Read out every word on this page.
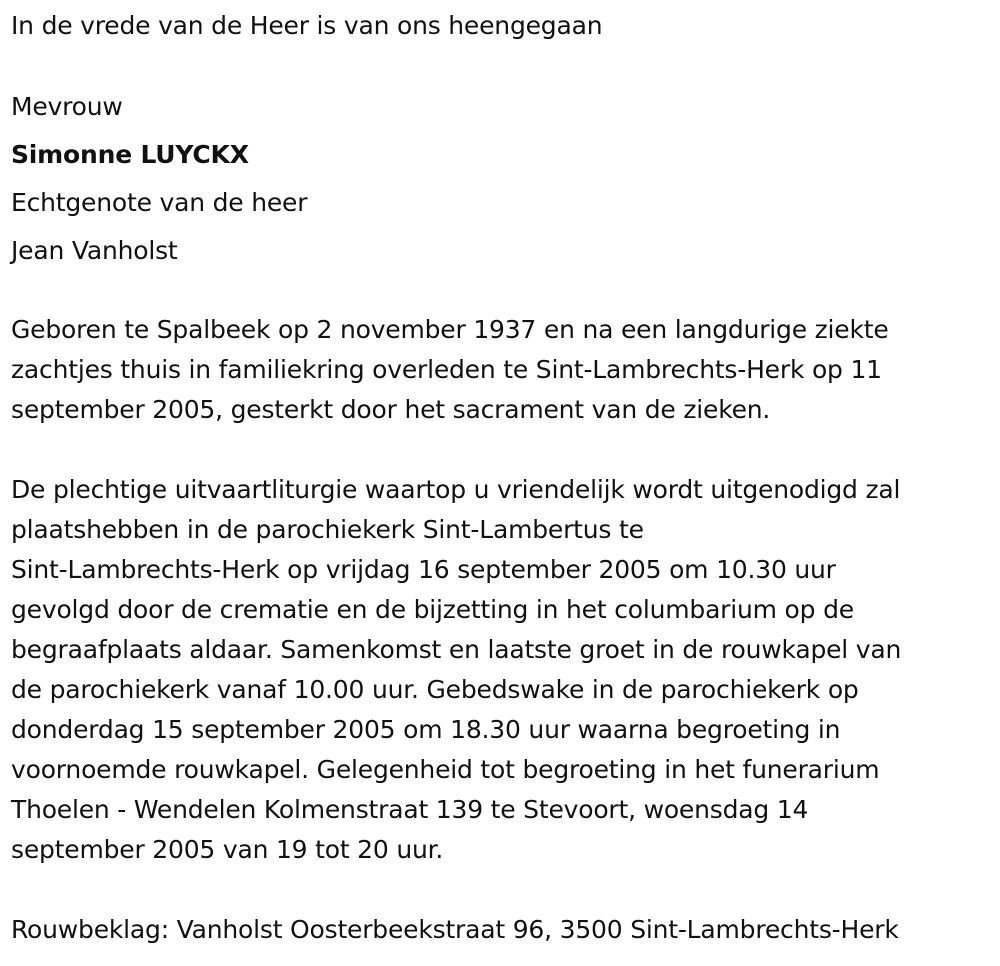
In de vrede van de Heer is van ons heengegaan
Mevrouw
Simonne LUYCKX
Echtgenote van de heer
Jean Vanholst
Geboren te Spalbeek op 2 november 1937 en na een langdurige ziekte
zachtjes thuis in familiekring overleden te Sint-Lambrechts-Herk op 11
september 2005, gesterkt door het sacrament van de zieken.
De plechtige uitvaartliturgie waartop u vriendelijk wordt uitgenodigd zal
plaatshebben in de parochiekerk Sint-Lambertus te
Sint-Lambrechts-Herk op vrijdag 16 september 2005 om 10.30 uur
gevolgd door de crematie en de bijzetting in het columbarium op de
begraafplaats aldaar. Samenkomst en laatste groet in de rouwkapel van
de parochiekerk vanaf 10.00 uur. Gebedswake in de parochiekerk op
donderdag 15 september 2005 om 18.30 uur waarna begroeting in
voornoemde rouwkapel. Gelegenheid tot begroeting in het funerarium
Thoelen - Wendelen Kolmenstraat 139 te Stevoort, woensdag 14
september 2005 van 19 tot 20 uur.
Rouwbeklag: Vanholst Oosterbeekstraat 96, 3500 Sint-Lambrechts-Herk
